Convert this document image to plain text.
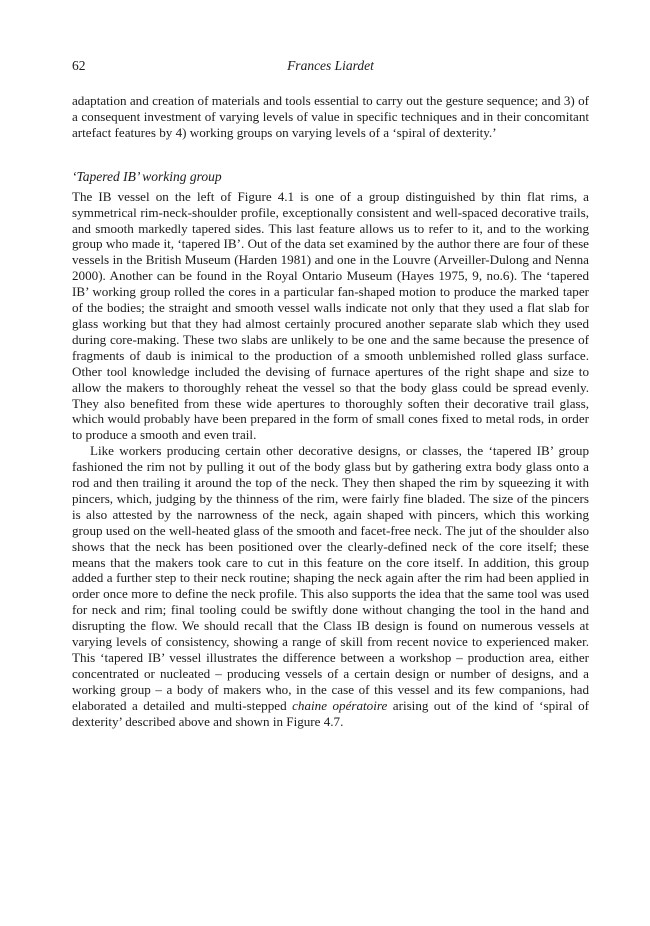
62	Frances Liardet

adaptation and creation of materials and tools essential to carry out the gesture sequence; and 3) of a consequent investment of varying levels of value in specific techniques and in their concomitant artefact features by 4) working groups on varying levels of a ‘spiral of dexterity.’

‘Tapered IB’ working group

The IB vessel on the left of Figure 4.1 is one of a group distinguished by thin flat rims, a symmetrical rim-neck-shoulder profile, exceptionally consistent and well-spaced decorative trails, and smooth markedly tapered sides. This last feature allows us to refer to it, and to the working group who made it, ‘tapered IB’. Out of the data set examined by the author there are four of these vessels in the British Museum (Harden 1981) and one in the Louvre (Arveiller-Dulong and Nenna 2000). Another can be found in the Royal Ontario Museum (Hayes 1975, 9, no.6). The ‘tapered IB’ working group rolled the cores in a particular fan-shaped motion to produce the marked taper of the bodies; the straight and smooth vessel walls indicate not only that they used a flat slab for glass working but that they had almost certainly procured another separate slab which they used during core-making. These two slabs are unlikely to be one and the same because the presence of fragments of daub is inimical to the production of a smooth unblemished rolled glass surface. Other tool knowledge included the devising of furnace apertures of the right shape and size to allow the makers to thoroughly reheat the vessel so that the body glass could be spread evenly. They also benefited from these wide apertures to thoroughly soften their decorative trail glass, which would probably have been prepared in the form of small cones fixed to metal rods, in order to produce a smooth and even trail.

Like workers producing certain other decorative designs, or classes, the ‘tapered IB’ group fashioned the rim not by pulling it out of the body glass but by gathering extra body glass onto a rod and then trailing it around the top of the neck. They then shaped the rim by squeezing it with pincers, which, judging by the thinness of the rim, were fairly fine bladed. The size of the pincers is also attested by the narrowness of the neck, again shaped with pincers, which this working group used on the well-heated glass of the smooth and facet-free neck. The jut of the shoulder also shows that the neck has been positioned over the clearly-defined neck of the core itself; these means that the makers took care to cut in this feature on the core itself. In addition, this group added a further step to their neck routine; shaping the neck again after the rim had been applied in order once more to define the neck profile. This also supports the idea that the same tool was used for neck and rim; final tooling could be swiftly done without changing the tool in the hand and disrupting the flow. We should recall that the Class IB design is found on numerous vessels at varying levels of consistency, showing a range of skill from recent novice to experienced maker. This ‘tapered IB’ vessel illustrates the difference between a workshop – production area, either concentrated or nucleated – producing vessels of a certain design or number of designs, and a working group – a body of makers who, in the case of this vessel and its few companions, had elaborated a detailed and multi-stepped chaine opératoire arising out of the kind of ‘spiral of dexterity’ described above and shown in Figure 4.7.
